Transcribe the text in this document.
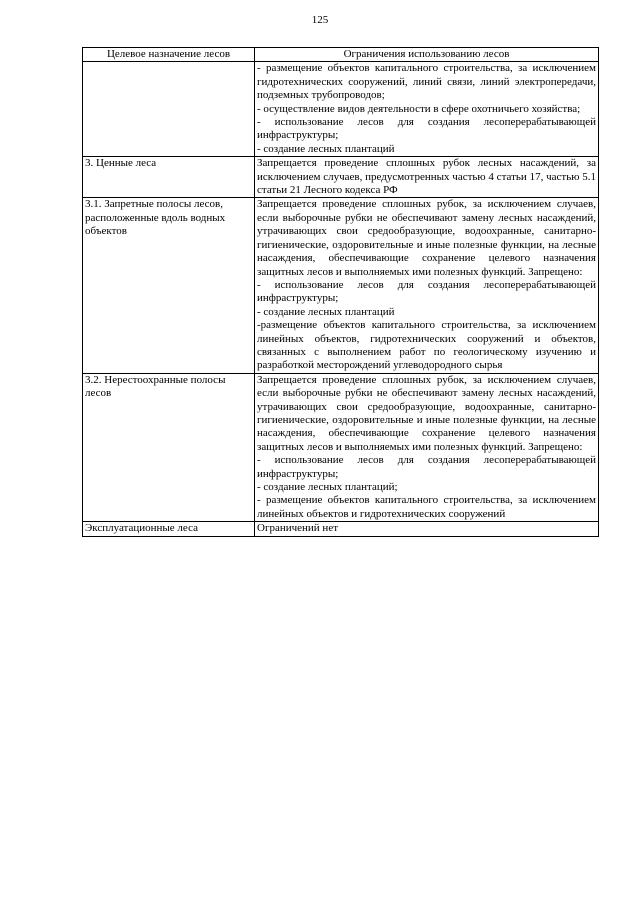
125
Целевое назначение лесов	Ограничения использованию лесов

	- размещение объектов капитального строительства, за исключением гидротехнических сооружений, линий связи, линий электропередачи, подземных трубопроводов;
- осуществление видов деятельности в сфере охотничьего хозяйства;
- использование лесов для создания лесоперерабатывающей инфраструктуры;
- создание лесных плантаций

3. Ценные леса	Запрещается проведение сплошных рубок лесных насаждений, за исключением случаев, предусмотренных частью 4 статьи 17, частью 5.1 статьи 21 Лесного кодекса РФ

3.1. Запретные полосы лесов, расположенные вдоль водных объектов	Запрещается проведение сплошных рубок, за исключением случаев, если выборочные рубки не обеспечивают замену лесных насаждений, утрачивающих свои средообразующие, водоохранные, санитарно-гигиенические, оздоровительные и иные полезные функции, на лесные насаждения, обеспечивающие сохранение целевого назначения защитных лесов и выполняемых ими полезных функций. Запрещено:
- использование лесов для создания лесоперерабатывающей инфраструктуры;
- создание лесных плантаций
-размещение объектов капитального строительства, за исключением линейных объектов, гидротехнических сооружений и объектов, связанных с выполнением работ по геологическому изучению и разработкой месторождений углеводородного сырья

3.2. Нерестоохранные полосы лесов	Запрещается проведение сплошных рубок, за исключением случаев, если выборочные рубки не обеспечивают замену лесных насаждений, утрачивающих свои средообразующие, водоохранные, санитарно-гигиенические, оздоровительные и иные полезные функции, на лесные насаждения, обеспечивающие сохранение целевого назначения защитных лесов и выполняемых ими полезных функций. Запрещено:
- использование лесов для создания лесоперерабатывающей инфраструктуры;
- создание лесных плантаций;
- размещение объектов капитального строительства, за исключением линейных объектов и гидротехнических сооружений

Эксплуатационные леса	Ограничений нет
